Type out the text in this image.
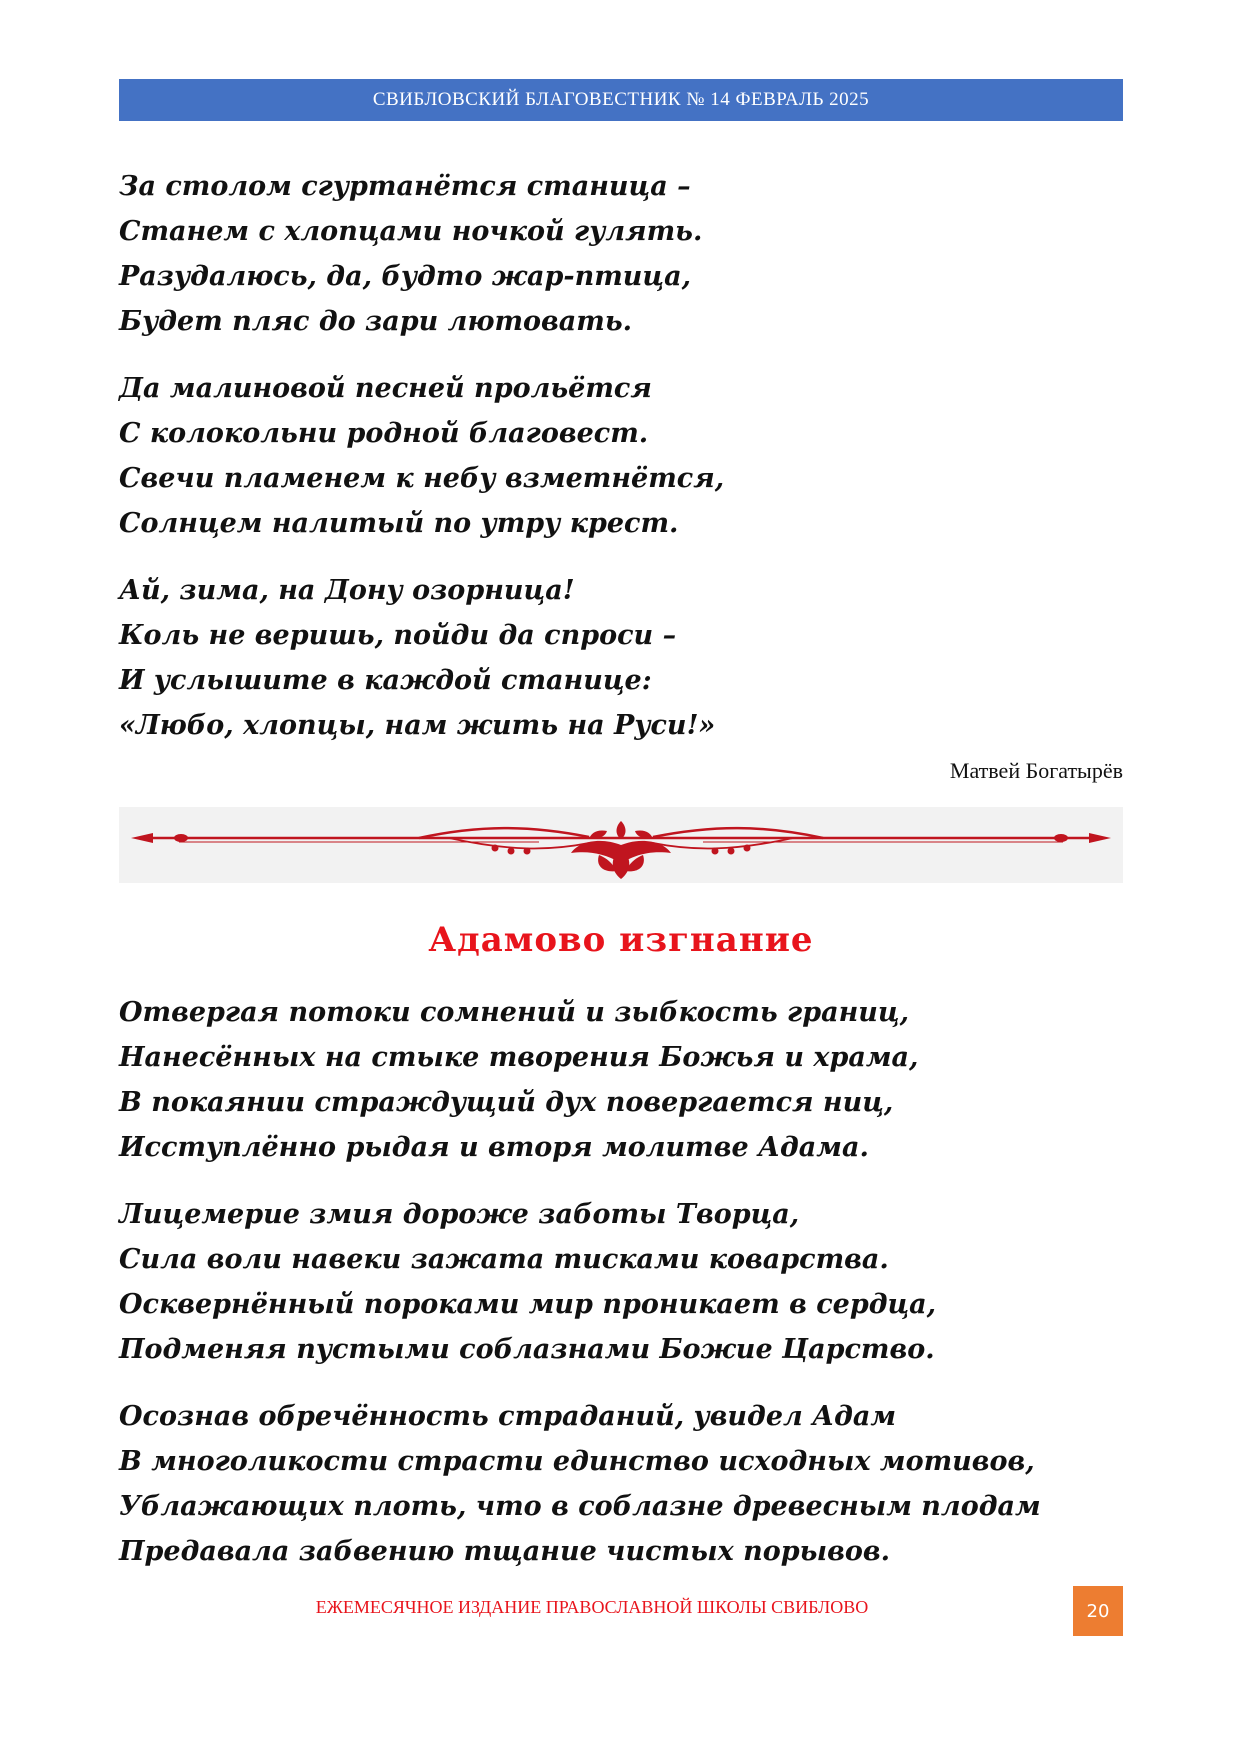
СВИБЛОВСКИЙ БЛАГОВЕСТНИК № 14 ФЕВРАЛЬ 2025
За столом сгуртанётся станица –
Станем с хлопцами ночкой гулять.
Разудалюсь, да, будто жар-птица,
Будет пляс до зари лютовать.
Да малиновой песней прольётся
С колокольни родной благовест.
Свечи пламенем к небу взметнётся,
Солнцем налитый по утру крест.
Ай, зима, на Дону озорница!
Коль не веришь, пойди да спроси –
И услышите в каждой станице:
«Любо, хлопцы, нам жить на Руси!»
Матвей Богатырёв
Адамово изгнание
Отвергая потоки сомнений и зыбкость границ,
Нанесённых на стыке творения Божья и храма,
В покаянии страждущий дух повергается ниц,
Исступлённо рыдая и вторя молитве Адама.
Лицемерие змия дороже заботы Творца,
Сила воли навеки зажата тисками коварства.
Осквернённый пороками мир проникает в сердца,
Подменяя пустыми соблазнами Божие Царство.
Осознав обречённость страданий, увидел Адам
В многоликости страсти единство исходных мотивов,
Ублажающих плоть, что в соблазне древесным плодам
Предавала забвению тщание чистых порывов.
ЕЖЕМЕСЯЧНОЕ ИЗДАНИЕ ПРАВОСЛАВНОЙ ШКОЛЫ СВИБЛОВО	20
